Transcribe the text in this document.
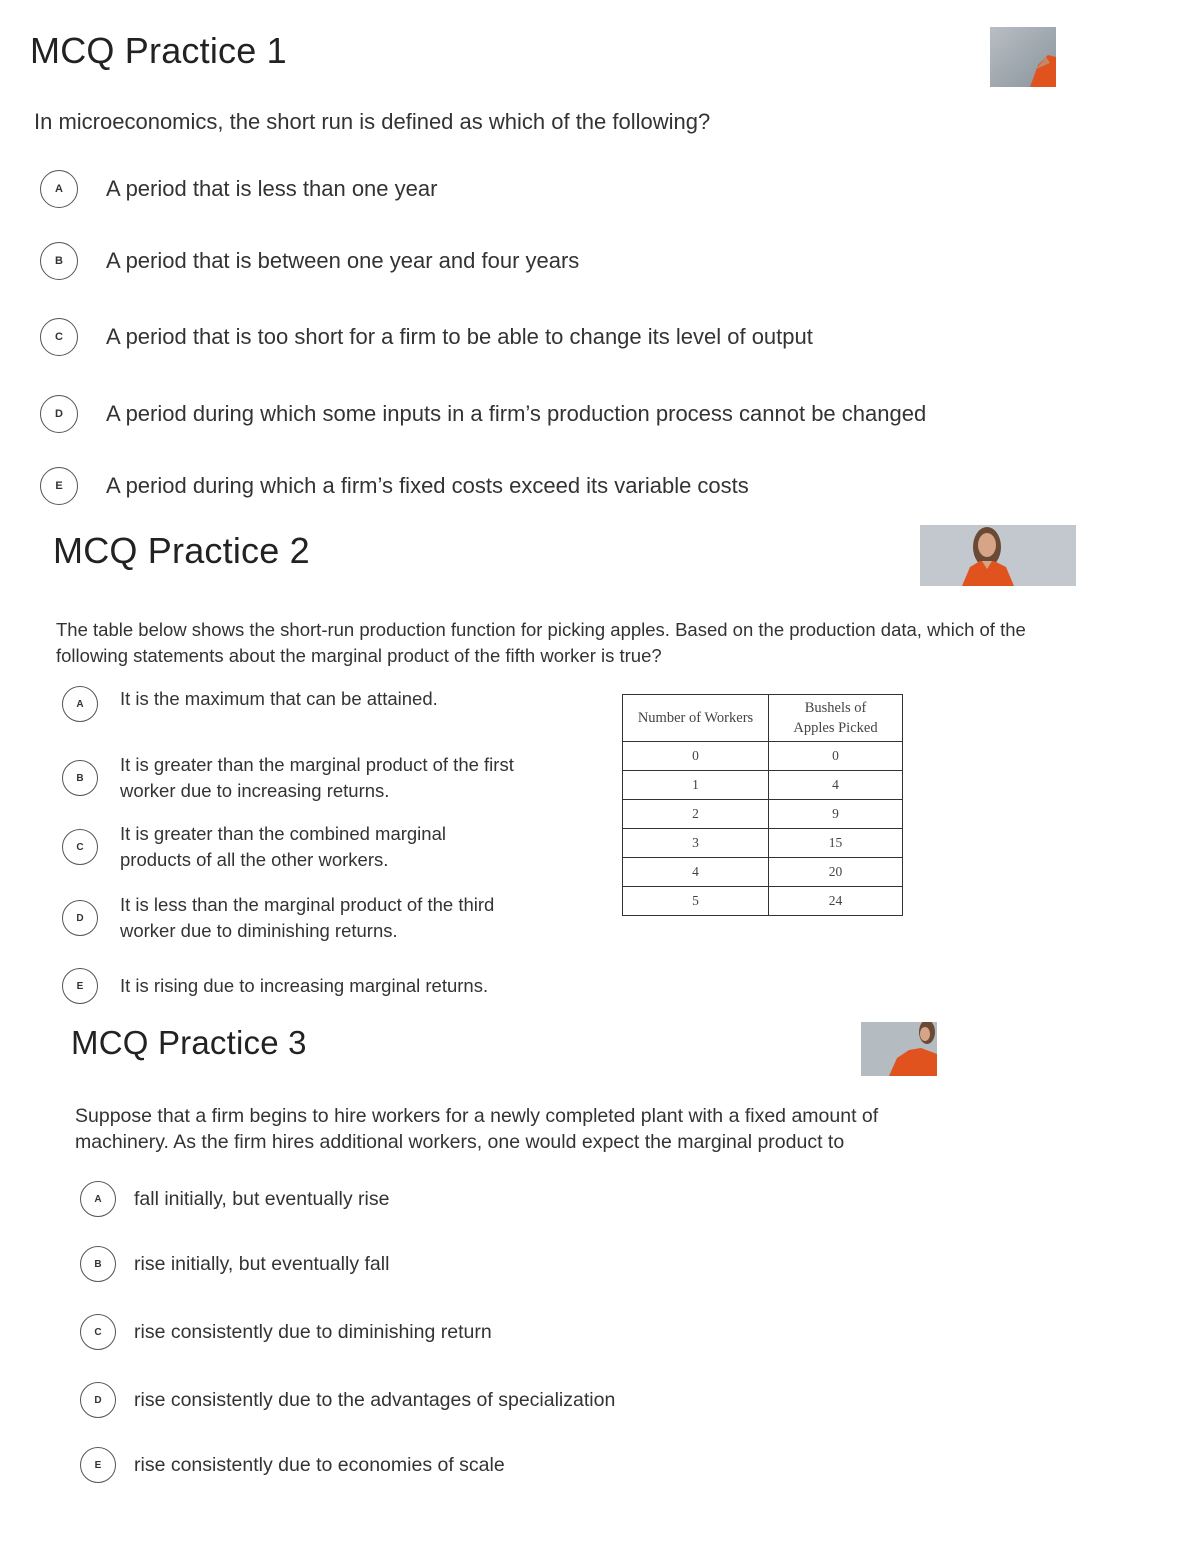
MCQ Practice 1
In microeconomics, the short run is defined as which of the following?
A	A period that is less than one year
B	A period that is between one year and four years
C	A period that is too short for a firm to be able to change its level of output
D	A period during which some inputs in a firm’s production process cannot be changed
E	A period during which a firm’s fixed costs exceed its variable costs
MCQ Practice 2
The table below shows the short-run production function for picking apples. Based on the production data, which of the following statements about the marginal product of the fifth worker is true?
A	It is the maximum that can be attained.
B
It is greater than the marginal product of the first worker due to increasing returns.
C
It is greater than the combined marginal products of all the other workers.
D
It is less than the marginal product of the third worker due to diminishing returns.
E	It is rising due to increasing marginal returns.
Number of Workers	Bushels of Apples Picked
0	0
1	4
2	9
3	15
4	20
5	24
MCQ Practice 3
Suppose that a firm begins to hire workers for a newly completed plant with a fixed amount of
machinery. As the firm hires additional workers, one would expect the marginal product to
A	fall initially, but eventually rise
B	rise initially, but eventually fall
C	rise consistently due to diminishing return
D	rise consistently due to the advantages of specialization
E	rise consistently due to economies of scale
